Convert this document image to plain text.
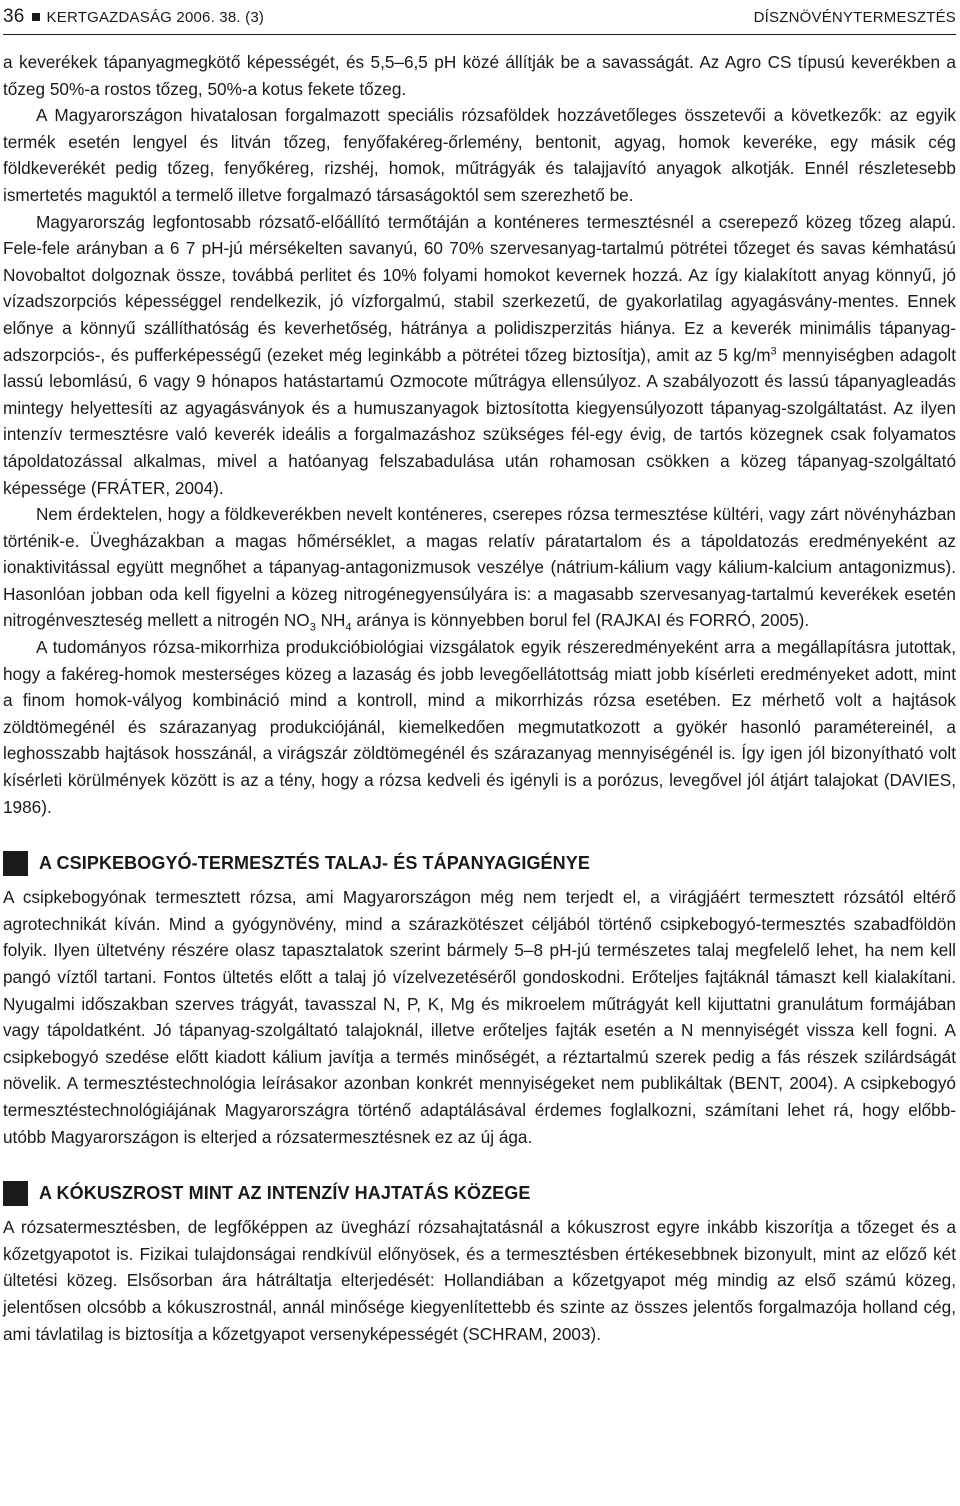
36 KERTGAZDASÁG 2006. 38. (3)	DÍSZNÖVÉNYTERMESZTÉS

a keverékek tápanyagmegkötő képességét, és 5,5–6,5 pH közé állítják be a savasságát. Az Agro CS típusú keverékben a tőzeg 50%-a rostos tőzeg, 50%-a kotus fekete tőzeg.

A Magyarországon hivatalosan forgalmazott speciális rózsaföldek hozzávetőleges összetevői a következők: az egyik termék esetén lengyel és litván tőzeg, fenyőfakéreg-őrlemény, bentonit, agyag, homok keveréke, egy másik cég földkeverékét pedig tőzeg, fenyőkéreg, rizshéj, homok, műtrágyák és talajjavító anyagok alkotják. Ennél részletesebb ismertetés maguktól a termelő illetve forgalmazó társaságoktól sem szerezhető be.

Magyarország legfontosabb rózsatő-előállító termőtáján a konténeres termesztésnél a cserepező közeg tőzeg alapú. Fele-fele arányban a 6 7 pH-jú mérsékelten savanyú, 60 70% szervesanyag-tartalmú pötrétei tőzeget és savas kémhatású Novobaltot dolgoznak össze, továbbá perlitet és 10% folyami homokot kevernek hozzá. Az így kialakított anyag könnyű, jó vízadszorpciós képességgel rendelkezik, jó vízforgalmú, stabil szerkezetű, de gyakorlatilag agyagásvány-mentes. Ennek előnye a könnyű szállíthatóság és keverhetőség, hátránya a polidiszperzitás hiánya. Ez a keverék minimális tápanyag-adszorpciós-, és pufferképességű (ezeket még leginkább a pötrétei tőzeg biztosítja), amit az 5 $kg/m^3$ mennyiségben adagolt lassú lebomlású, 6 vagy 9 hónapos hatástartamú Ozmocote műtrágya ellensúlyoz. A szabályozott és lassú tápanyagleadás mintegy helyettesíti az agyagásványok és a humuszanyagok biztosította kiegyensúlyozott tápanyag-szolgáltatást. Az ilyen intenzív termesztésre való keverék ideális a forgalmazáshoz szükséges fél-egy évig, de tartós közegnek csak folyamatos tápoldatozással alkalmas, mivel a hatóanyag felszabadulása után rohamosan csökken a közeg tápanyag-szolgáltató képessége (FRÁTER, 2004).

Nem érdektelen, hogy a földkeverékben nevelt konténeres, cserepes rózsa termesztése kültéri, vagy zárt növényházban történik-e. Üvegházakban a magas hőmérséklet, a magas relatív páratartalom és a tápoldatozás eredményeként az ionaktivitással együtt megnőhet a tápanyag-antagonizmusok veszélye (nátrium-kálium vagy kálium-kalcium antagonizmus). Hasonlóan jobban oda kell figyelni a közeg nitrogénegyensúlyára is: a magasabb szervesanyag-tartalmú keverékek esetén nitrogénveszteség mellett a nitrogén $NO_3$ $NH_4$ aránya is könnyebben borul fel (RAJKAI és FORRÓ, 2005).

A tudományos rózsa-mikorrhiza produkcióbiológiai vizsgálatok egyik részeredményeként arra a megállapításra jutottak, hogy a fakéreg-homok mesterséges közeg a lazaság és jobb levegőellátottság miatt jobb kísérleti eredményeket adott, mint a finom homok-vályog kombináció mind a kontroll, mind a mikorrhizás rózsa esetében. Ez mérhető volt a hajtások zöldtömegénél és szárazanyag produkciójánál, kiemelkedően megmutatkozott a gyökér hasonló paramétereinél, a leghosszabb hajtások hosszánál, a virágszár zöldtömegénél és szárazanyag mennyiségénél is. Így igen jól bizonyítható volt kísérleti körülmények között is az a tény, hogy a rózsa kedveli és igényli is a porózus, levegővel jól átjárt talajokat (DAVIES, 1986).

A CSIPKEBOGYÓ-TERMESZTÉS TALAJ- ÉS TÁPANYAGIGÉNYE

A csipkebogyónak termesztett rózsa, ami Magyarországon még nem terjedt el, a virágjáért termesztett rózsától eltérő agrotechnikát kíván. Mind a gyógynövény, mind a szárazkötészet céljából történő csipkebogyó-termesztés szabadföldön folyik. Ilyen ültetvény részére olasz tapasztalatok szerint bármely 5–8 pH-jú természetes talaj megfelelő lehet, ha nem kell pangó víztől tartani. Fontos ültetés előtt a talaj jó vízelvezetéséről gondoskodni. Erőteljes fajtáknál támaszt kell kialakítani. Nyugalmi időszakban szerves trágyát, tavasszal N, P, K, Mg és mikroelem műtrágyát kell kijuttatni granulátum formájában vagy tápoldatként. Jó tápanyag-szolgáltató talajoknál, illetve erőteljes fajták esetén a N mennyiségét vissza kell fogni. A csipkebogyó szedése előtt kiadott kálium javítja a termés minőségét, a réztartalmú szerek pedig a fás részek szilárdságát növelik. A termesztéstechnológia leírásakor azonban konkrét mennyiségeket nem publikáltak (BENT, 2004). A csipkebogyó termesztéstechnológiájának Magyarországra történő adaptálásával érdemes foglalkozni, számítani lehet rá, hogy előbb-utóbb Magyarországon is elterjed a rózsatermesztésnek ez az új ága.

A KÓKUSZROST MINT AZ INTENZÍV HAJTATÁS KÖZEGE

A rózsatermesztésben, de legfőképpen az üveghází rózsahajtatásnál a kókuszrost egyre inkább kiszorítja a tőzeget és a kőzetgyapotot is. Fizikai tulajdonságai rendkívül előnyösek, és a termesztésben értékesebbnek bizonyult, mint az előző két ültetési közeg. Elsősorban ára hátráltatja elterjedését: Hollandiában a kőzetgyapot még mindig az első számú közeg, jelentősen olcsóbb a kókuszrostnál, annál minősége kiegyenlítettebb és szinte az összes jelentős forgalmazója holland cég, ami távlatilag is biztosítja a kőzetgyapot versenyképességét (SCHRAM, 2003).
